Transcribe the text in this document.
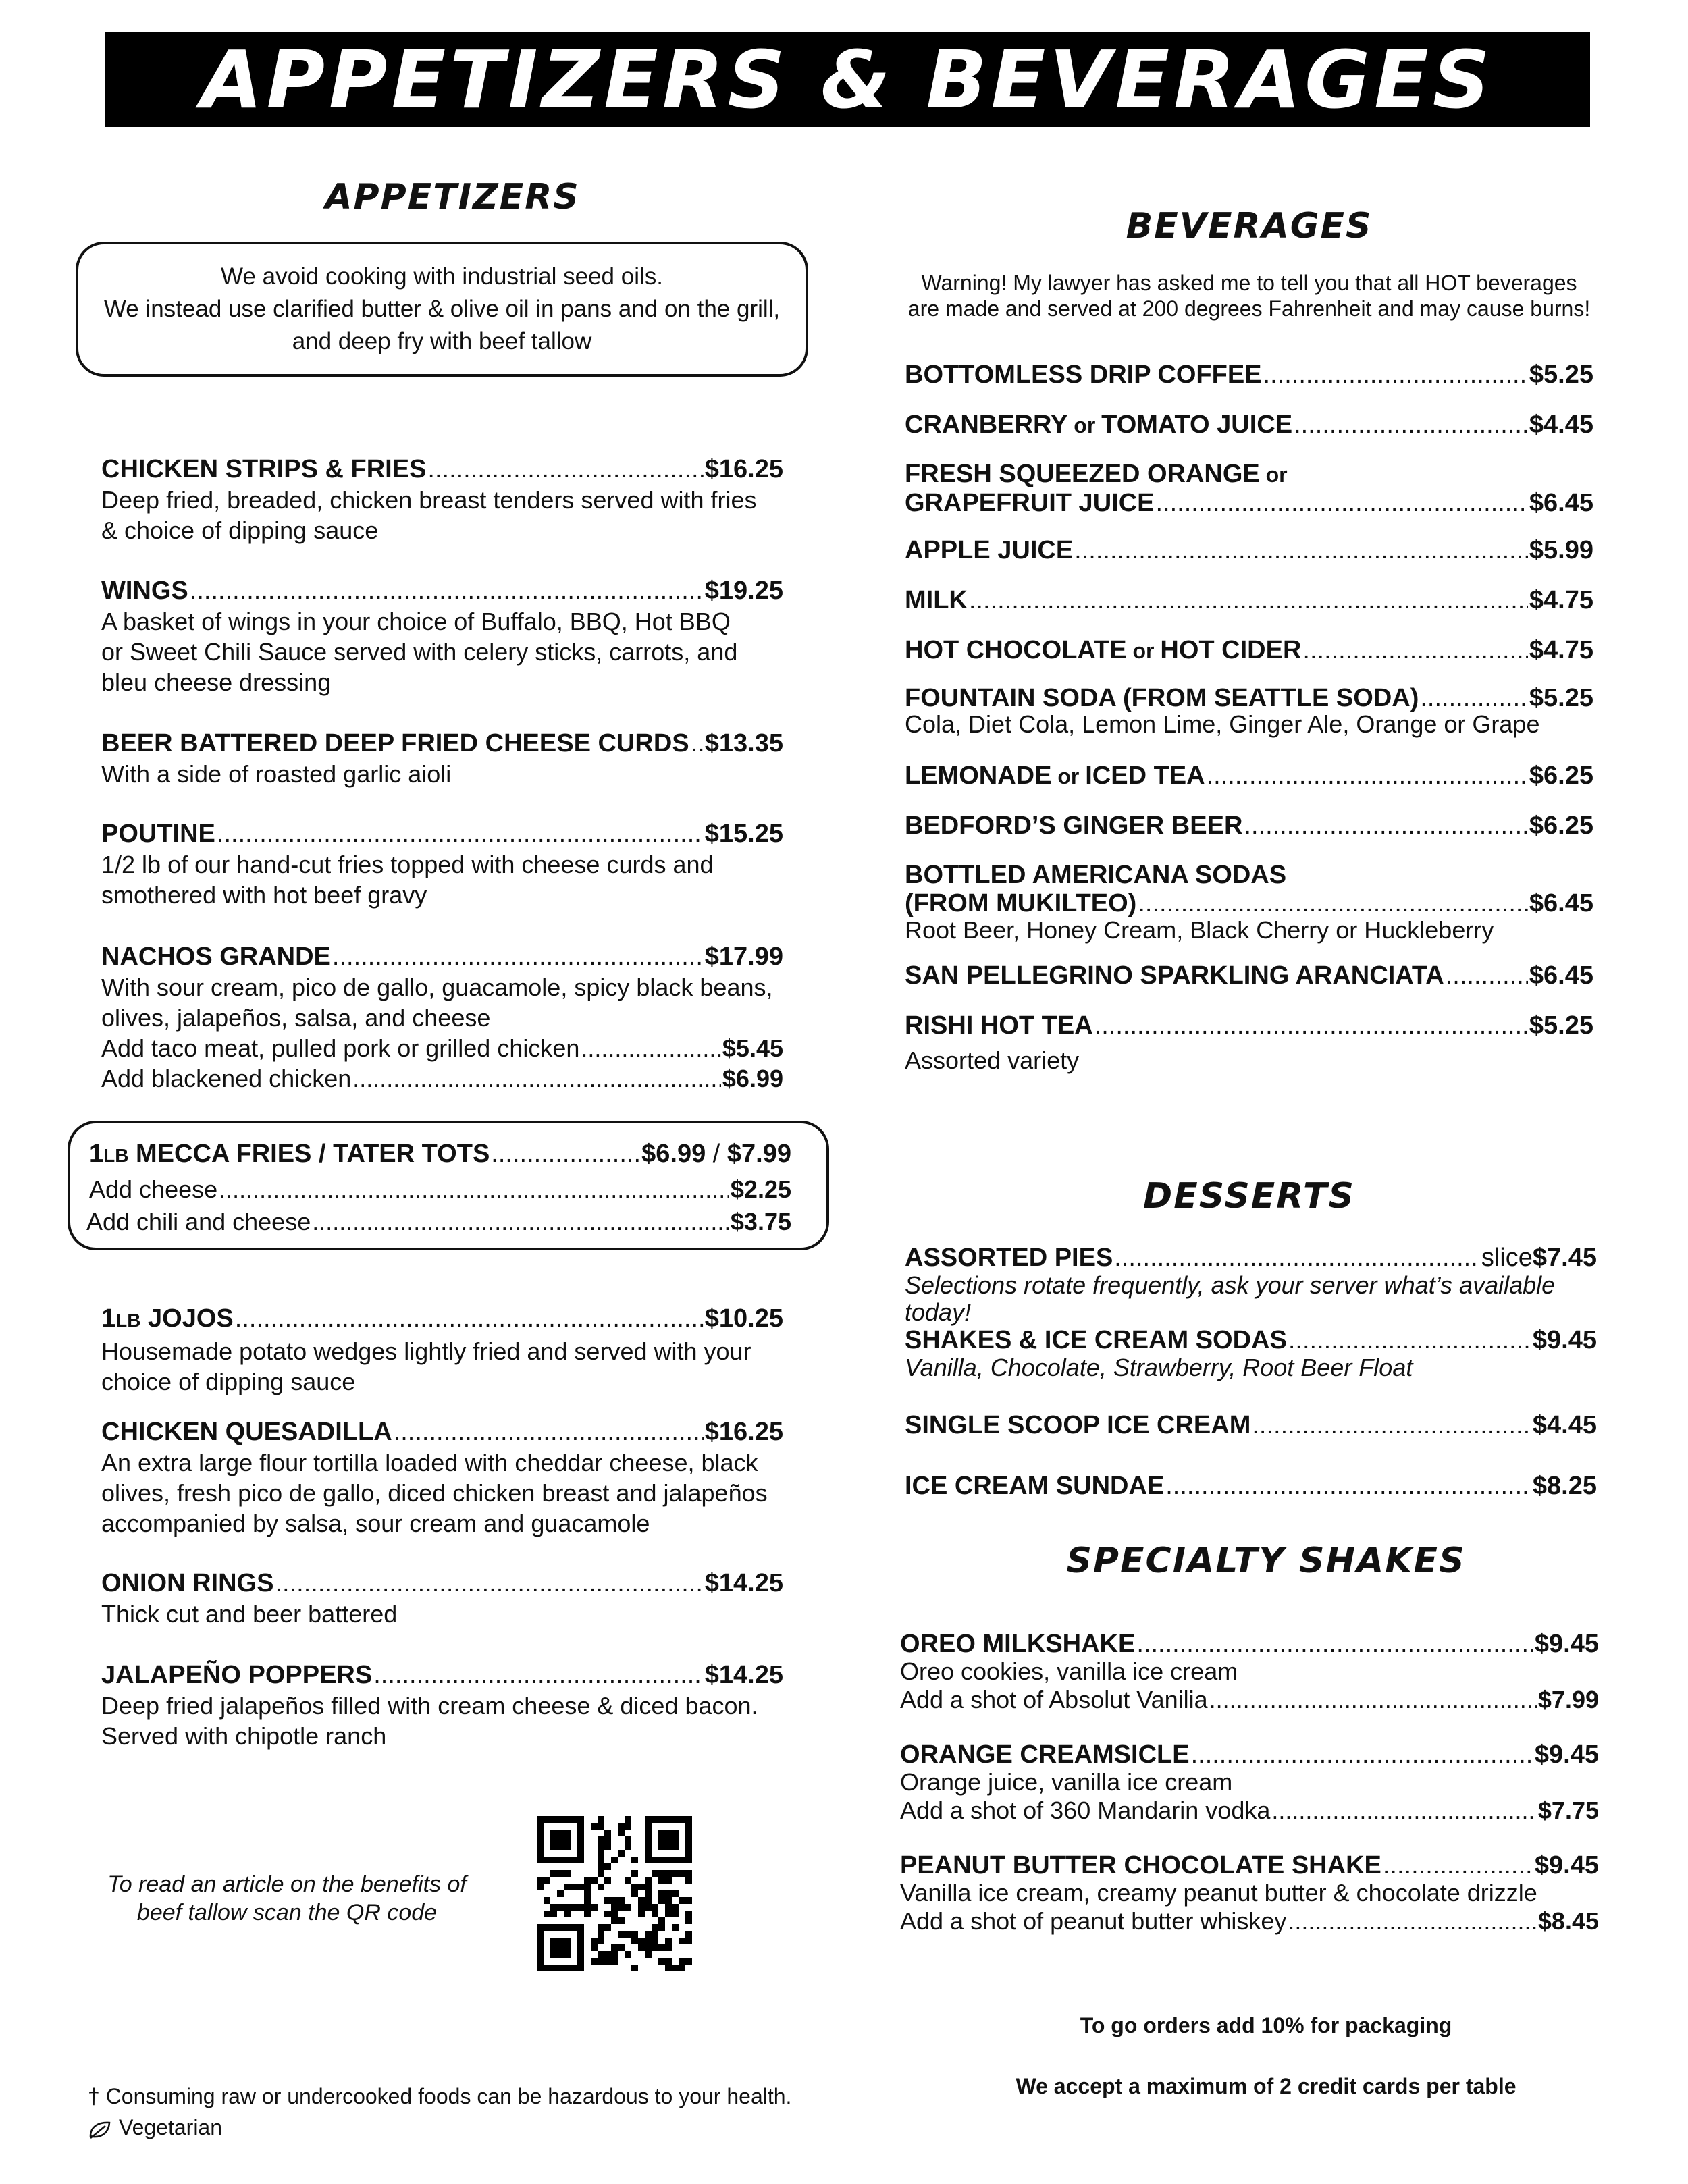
APPETIZERS & BEVERAGES
APPETIZERS
We avoid cooking with industrial seed oils.
We instead use clarified butter & olive oil in pans and on the grill,
and deep fry with beef tallow
CHICKEN STRIPS & FRIES .....	$16.25
Deep fried, breaded, chicken breast tenders served with fries
& choice of dipping sauce
WINGS .....	$19.25
A basket of wings in your choice of Buffalo, BBQ, Hot BBQ
or Sweet Chili Sauce served with celery sticks, carrots, and
bleu cheese dressing
BEER BATTERED DEEP FRIED CHEESE CURDS ..... $13.35
With a side of roasted garlic aioli
POUTINE .....	$15.25
1/2 lb of our hand-cut fries topped with cheese curds and
smothered with hot beef gravy
NACHOS GRANDE .....	$17.99
With sour cream, pico de gallo, guacamole, spicy black beans,
olives, jalapeños, salsa, and cheese
Add taco meat, pulled pork or grilled chicken .....	$5.45
Add blackened chicken .....	$6.99
1LB MECCA FRIES / TATER TOTS .....	$6.99 / $7.99
Add cheese .....	$2.25
Add chili and cheese .....	$3.75
1LB JOJOS .....	$10.25
Housemade potato wedges lightly fried and served with your
choice of dipping sauce
CHICKEN QUESADILLA .....	$16.25
An extra large flour tortilla loaded with cheddar cheese, black
olives, fresh pico de gallo, diced chicken breast and jalapeños
accompanied by salsa, sour cream and guacamole
ONION RINGS .....	$14.25
Thick cut and beer battered
JALAPEÑO POPPERS .....	$14.25
Deep fried jalapeños filled with cream cheese & diced bacon.
Served with chipotle ranch
To read an article on the benefits of
beef tallow scan the QR code
BEVERAGES
Warning! My lawyer has asked me to tell you that all HOT beverages
are made and served at 200 degrees Fahrenheit and may cause burns!
BOTTOMLESS DRIP COFFEE .....	$5.25
CRANBERRY or TOMATO JUICE .....	$4.45
FRESH SQUEEZED ORANGE or
GRAPEFRUIT JUICE .....	$6.45
APPLE JUICE .....	$5.99
MILK .....	$4.75
HOT CHOCOLATE or HOT CIDER .....	$4.75
FOUNTAIN SODA (FROM SEATTLE SODA) .....	$5.25
Cola, Diet Cola, Lemon Lime, Ginger Ale, Orange or Grape
LEMONADE or ICED TEA .....	$6.25
BEDFORD’S GINGER BEER .....	$6.25
BOTTLED AMERICANA SODAS
(FROM MUKILTEO) .....	$6.45
Root Beer, Honey Cream, Black Cherry or Huckleberry
SAN PELLEGRINO SPARKLING ARANCIATA .....	$6.45
RISHI HOT TEA .....	$5.25
Assorted variety
DESSERTS
ASSORTED PIES .....	slice $7.45
Selections rotate frequently, ask your server what’s available today!
SHAKES & ICE CREAM SODAS .....	$9.45
Vanilla, Chocolate, Strawberry, Root Beer Float
SINGLE SCOOP ICE CREAM .....	$4.45
ICE CREAM SUNDAE .....	$8.25
SPECIALTY SHAKES
OREO MILKSHAKE .....	$9.45
Oreo cookies, vanilla ice cream
Add a shot of Absolut Vanilia .....	$7.99
ORANGE CREAMSICLE .....	$9.45
Orange juice, vanilla ice cream
Add a shot of 360 Mandarin vodka .....	$7.75
PEANUT BUTTER CHOCOLATE SHAKE .....	$9.45
Vanilla ice cream, creamy peanut butter & chocolate drizzle
Add a shot of peanut butter whiskey .....	$8.45
To go orders add 10% for packaging
We accept a maximum of 2 credit cards per table
† Consuming raw or undercooked foods can be hazardous to your health.
Vegetarian
